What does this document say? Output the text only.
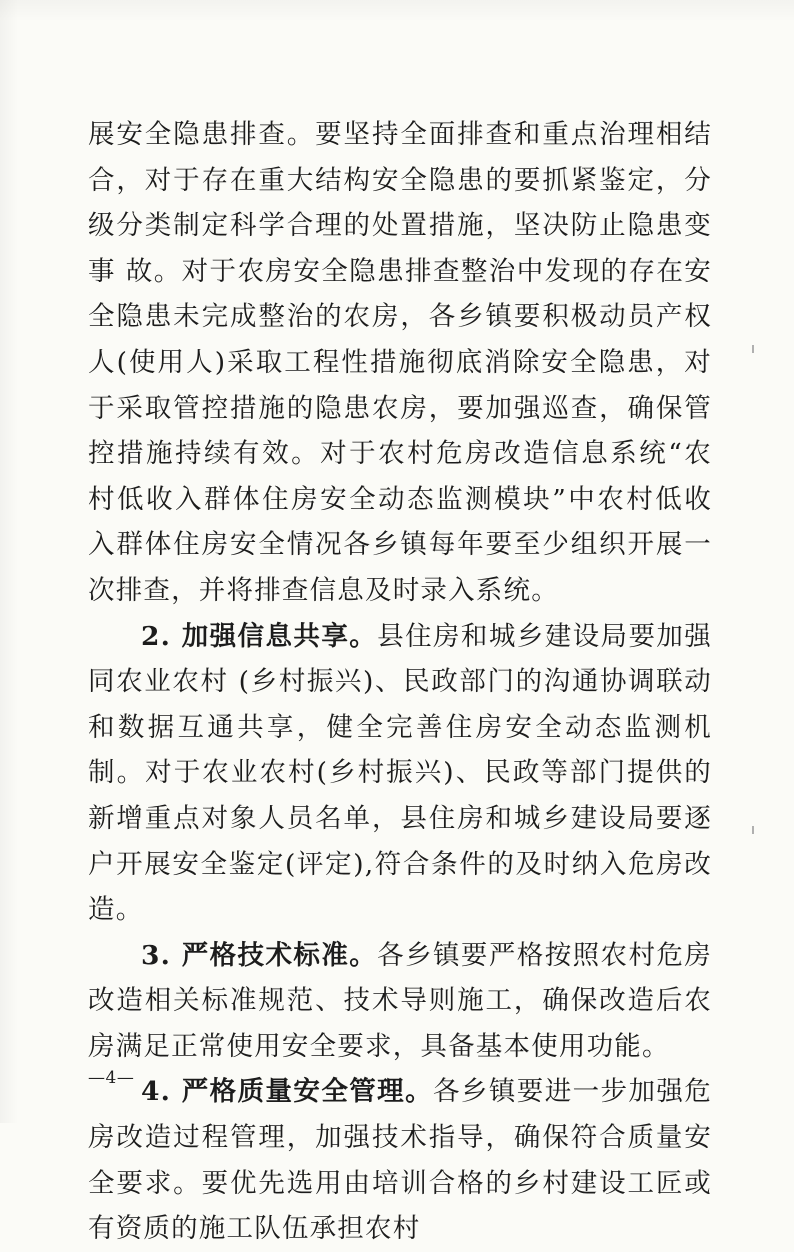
展安全隐患排查。要坚持全面排查和重点治理相结合，对于存在重大结构安全隐患的要抓紧鉴定，分级分类制定科学合理的处置措施，坚决防止隐患变事 故。对于农房安全隐患排查整治中发现的存在安全隐患未完成整治的农房，各乡镇要积极动员产权人(使用人)采取工程性措施彻底消除安全隐患，对于采取管控措施的隐患农房，要加强巡查，确保管控措施持续有效。对于农村危房改造信息系统“农村低收入群体住房安全动态监测模块”中农村低收入群体住房安全情况各乡镇每年要至少组织开展一次排查，并将排查信息及时录入系统。

2. 加强信息共享。县住房和城乡建设局要加强同农业农村 (乡村振兴)、民政部门的沟通协调联动和数据互通共享，健全完善住房安全动态监测机制。对于农业农村(乡村振兴)、民政等部门提供的新增重点对象人员名单，县住房和城乡建设局要逐户开展安全鉴定(评定),符合条件的及时纳入危房改造。

3. 严格技术标准。各乡镇要严格按照农村危房改造相关标准规范、技术导则施工，确保改造后农房满足正常使用安全要求，具备基本使用功能。

4. 严格质量安全管理。各乡镇要进一步加强危房改造过程管理，加强技术指导，确保符合质量安全要求。要优先选用由培训合格的乡村建设工匠或有资质的施工队伍承担农村

—4—
